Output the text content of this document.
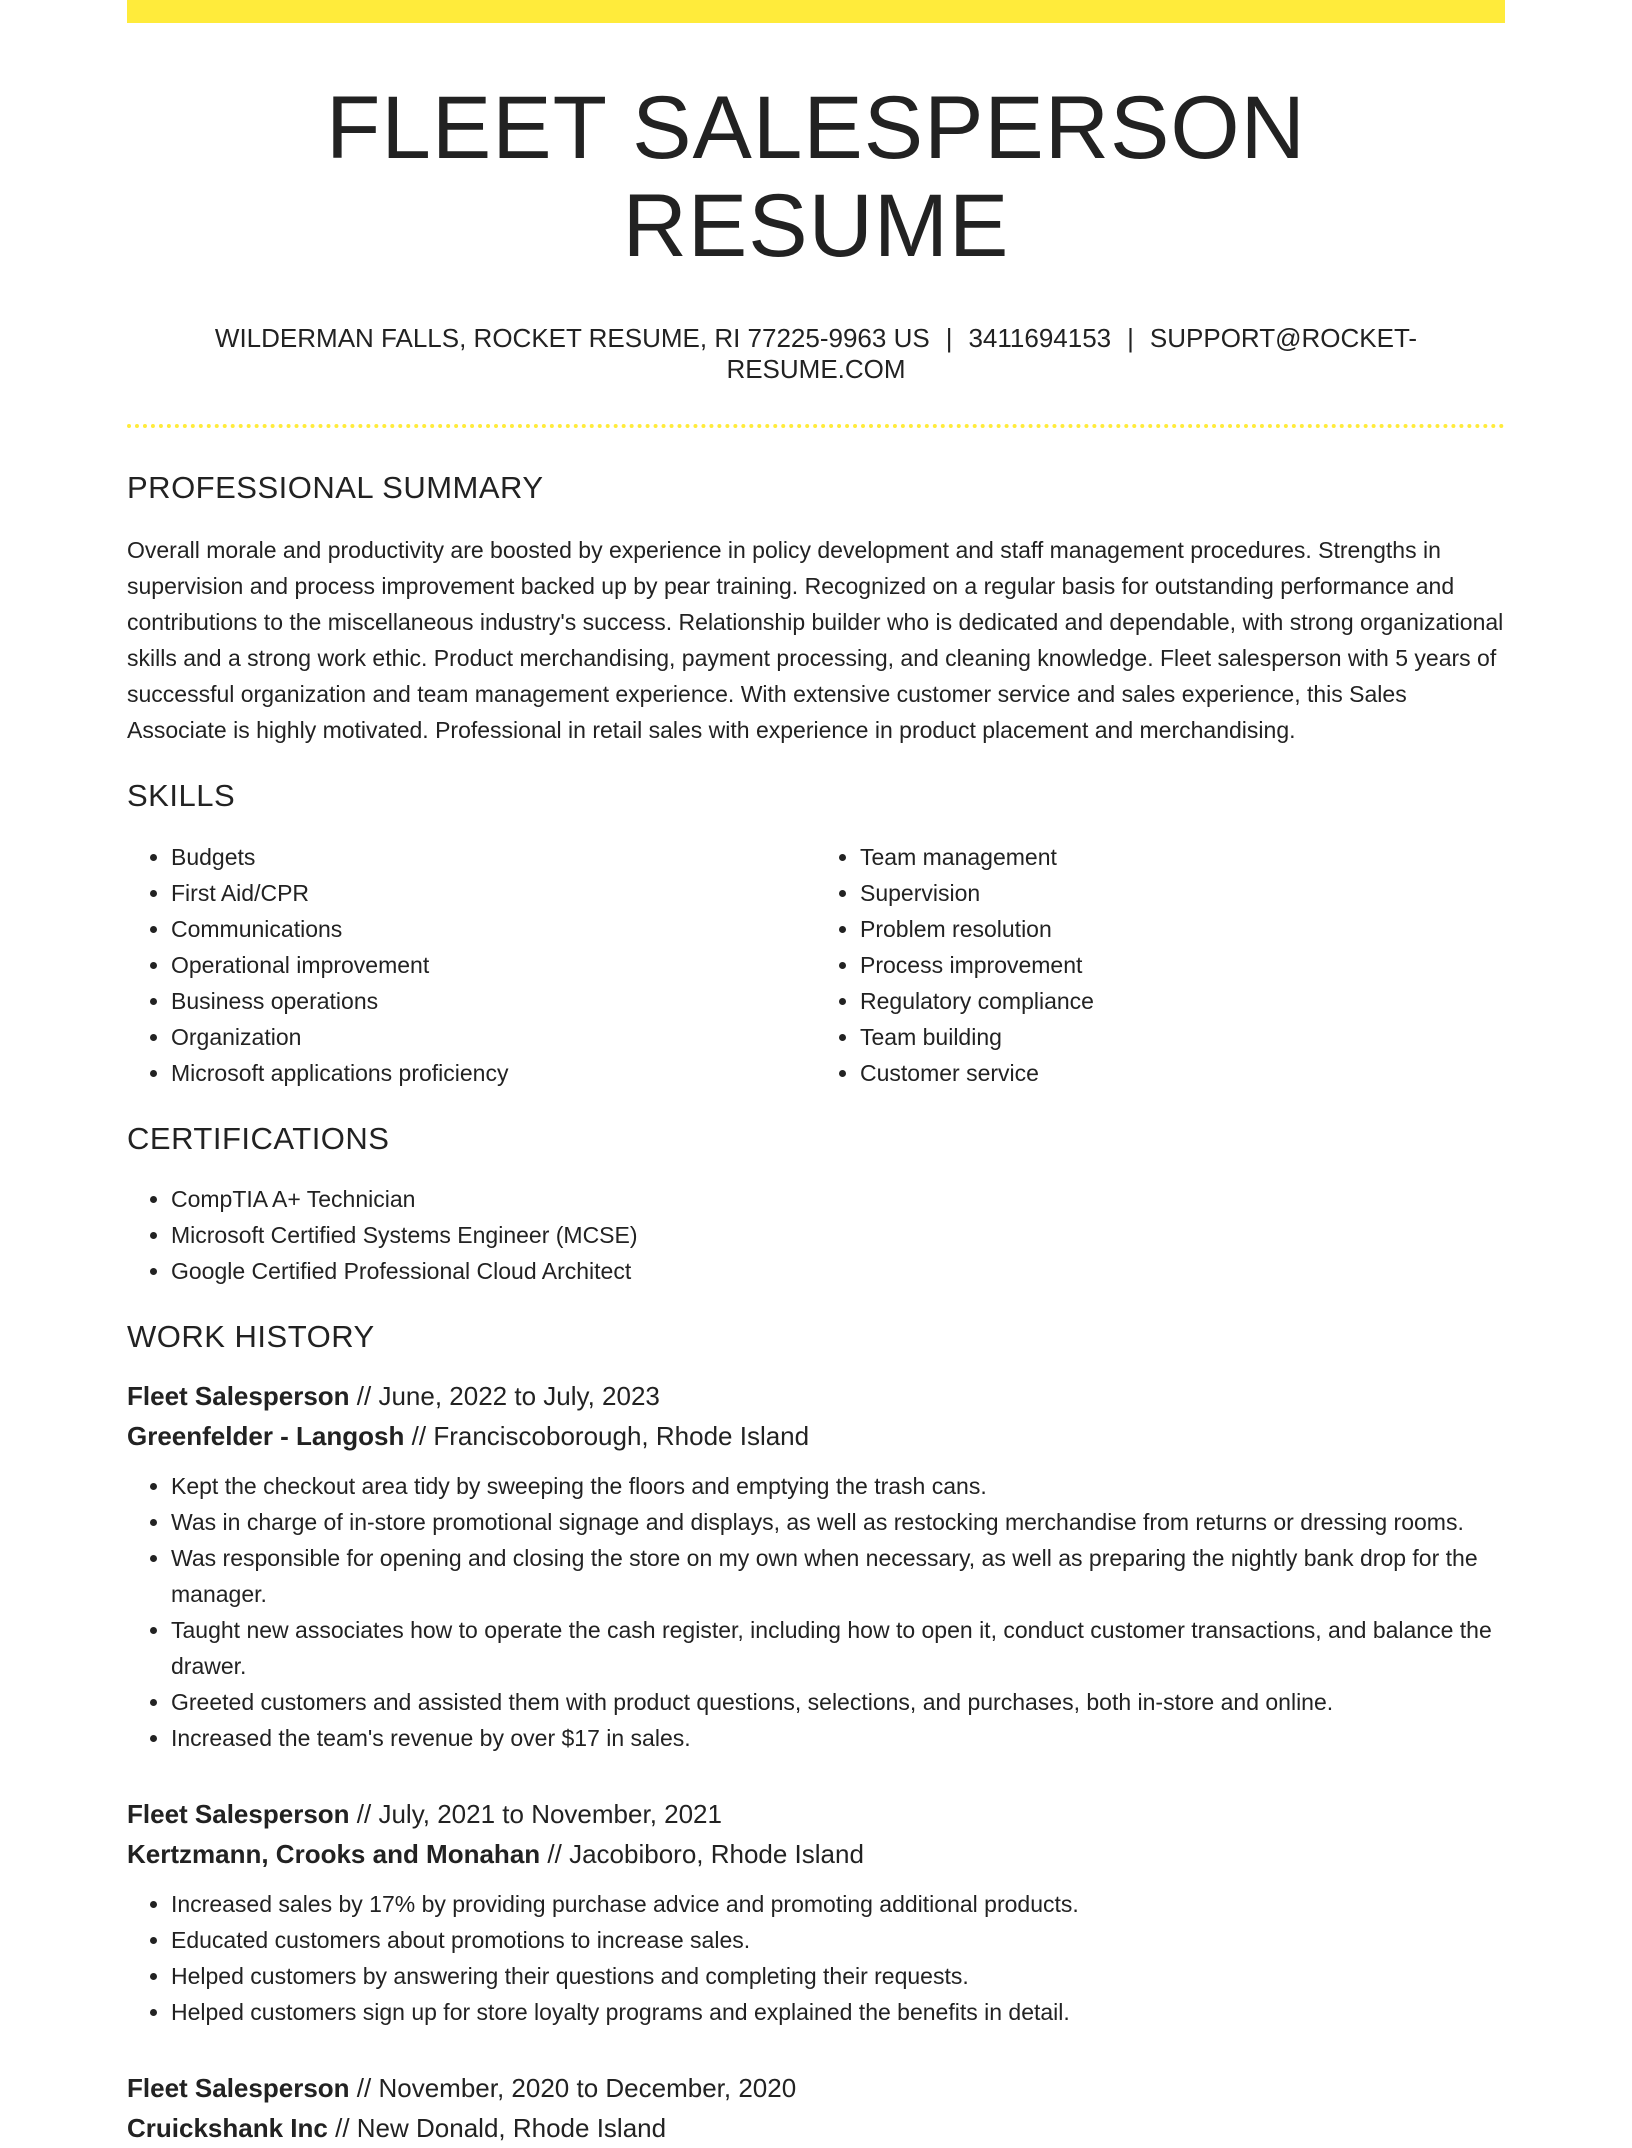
FLEET SALESPERSON RESUME
WILDERMAN FALLS, ROCKET RESUME, RI 77225-9963 US | 3411694153 | SUPPORT@ROCKET-RESUME.COM
PROFESSIONAL SUMMARY

Overall morale and productivity are boosted by experience in policy development and staff management procedures. Strengths in supervision and process improvement backed up by pear training. Recognized on a regular basis for outstanding performance and contributions to the miscellaneous industry's success. Relationship builder who is dedicated and dependable, with strong organizational skills and a strong work ethic. Product merchandising, payment processing, and cleaning knowledge. Fleet salesperson with 5 years of successful organization and team management experience. With extensive customer service and sales experience, this Sales Associate is highly motivated. Professional in retail sales with experience in product placement and merchandising.

SKILLS
• Budgets
• First Aid/CPR
• Communications
• Operational improvement
• Business operations
• Organization
• Microsoft applications proficiency
• Team management
• Supervision
• Problem resolution
• Process improvement
• Regulatory compliance
• Team building
• Customer service
CERTIFICATIONS
• CompTIA A+ Technician
• Microsoft Certified Systems Engineer (MCSE)
• Google Certified Professional Cloud Architect
WORK HISTORY
Fleet Salesperson // June, 2022 to July, 2023
Greenfelder - Langosh // Franciscoborough, Rhode Island
• Kept the checkout area tidy by sweeping the floors and emptying the trash cans.
• Was in charge of in-store promotional signage and displays, as well as restocking merchandise from returns or dressing rooms.
• Was responsible for opening and closing the store on my own when necessary, as well as preparing the nightly bank drop for the manager.
• Taught new associates how to operate the cash register, including how to open it, conduct customer transactions, and balance the drawer.
• Greeted customers and assisted them with product questions, selections, and purchases, both in-store and online.
• Increased the team's revenue by over $17 in sales.
Fleet Salesperson // July, 2021 to November, 2021
Kertzmann, Crooks and Monahan // Jacobiboro, Rhode Island
• Increased sales by 17% by providing purchase advice and promoting additional products.
• Educated customers about promotions to increase sales.
• Helped customers by answering their questions and completing their requests.
• Helped customers sign up for store loyalty programs and explained the benefits in detail.
Fleet Salesperson // November, 2020 to December, 2020
Cruickshank Inc // New Donald, Rhode Island
